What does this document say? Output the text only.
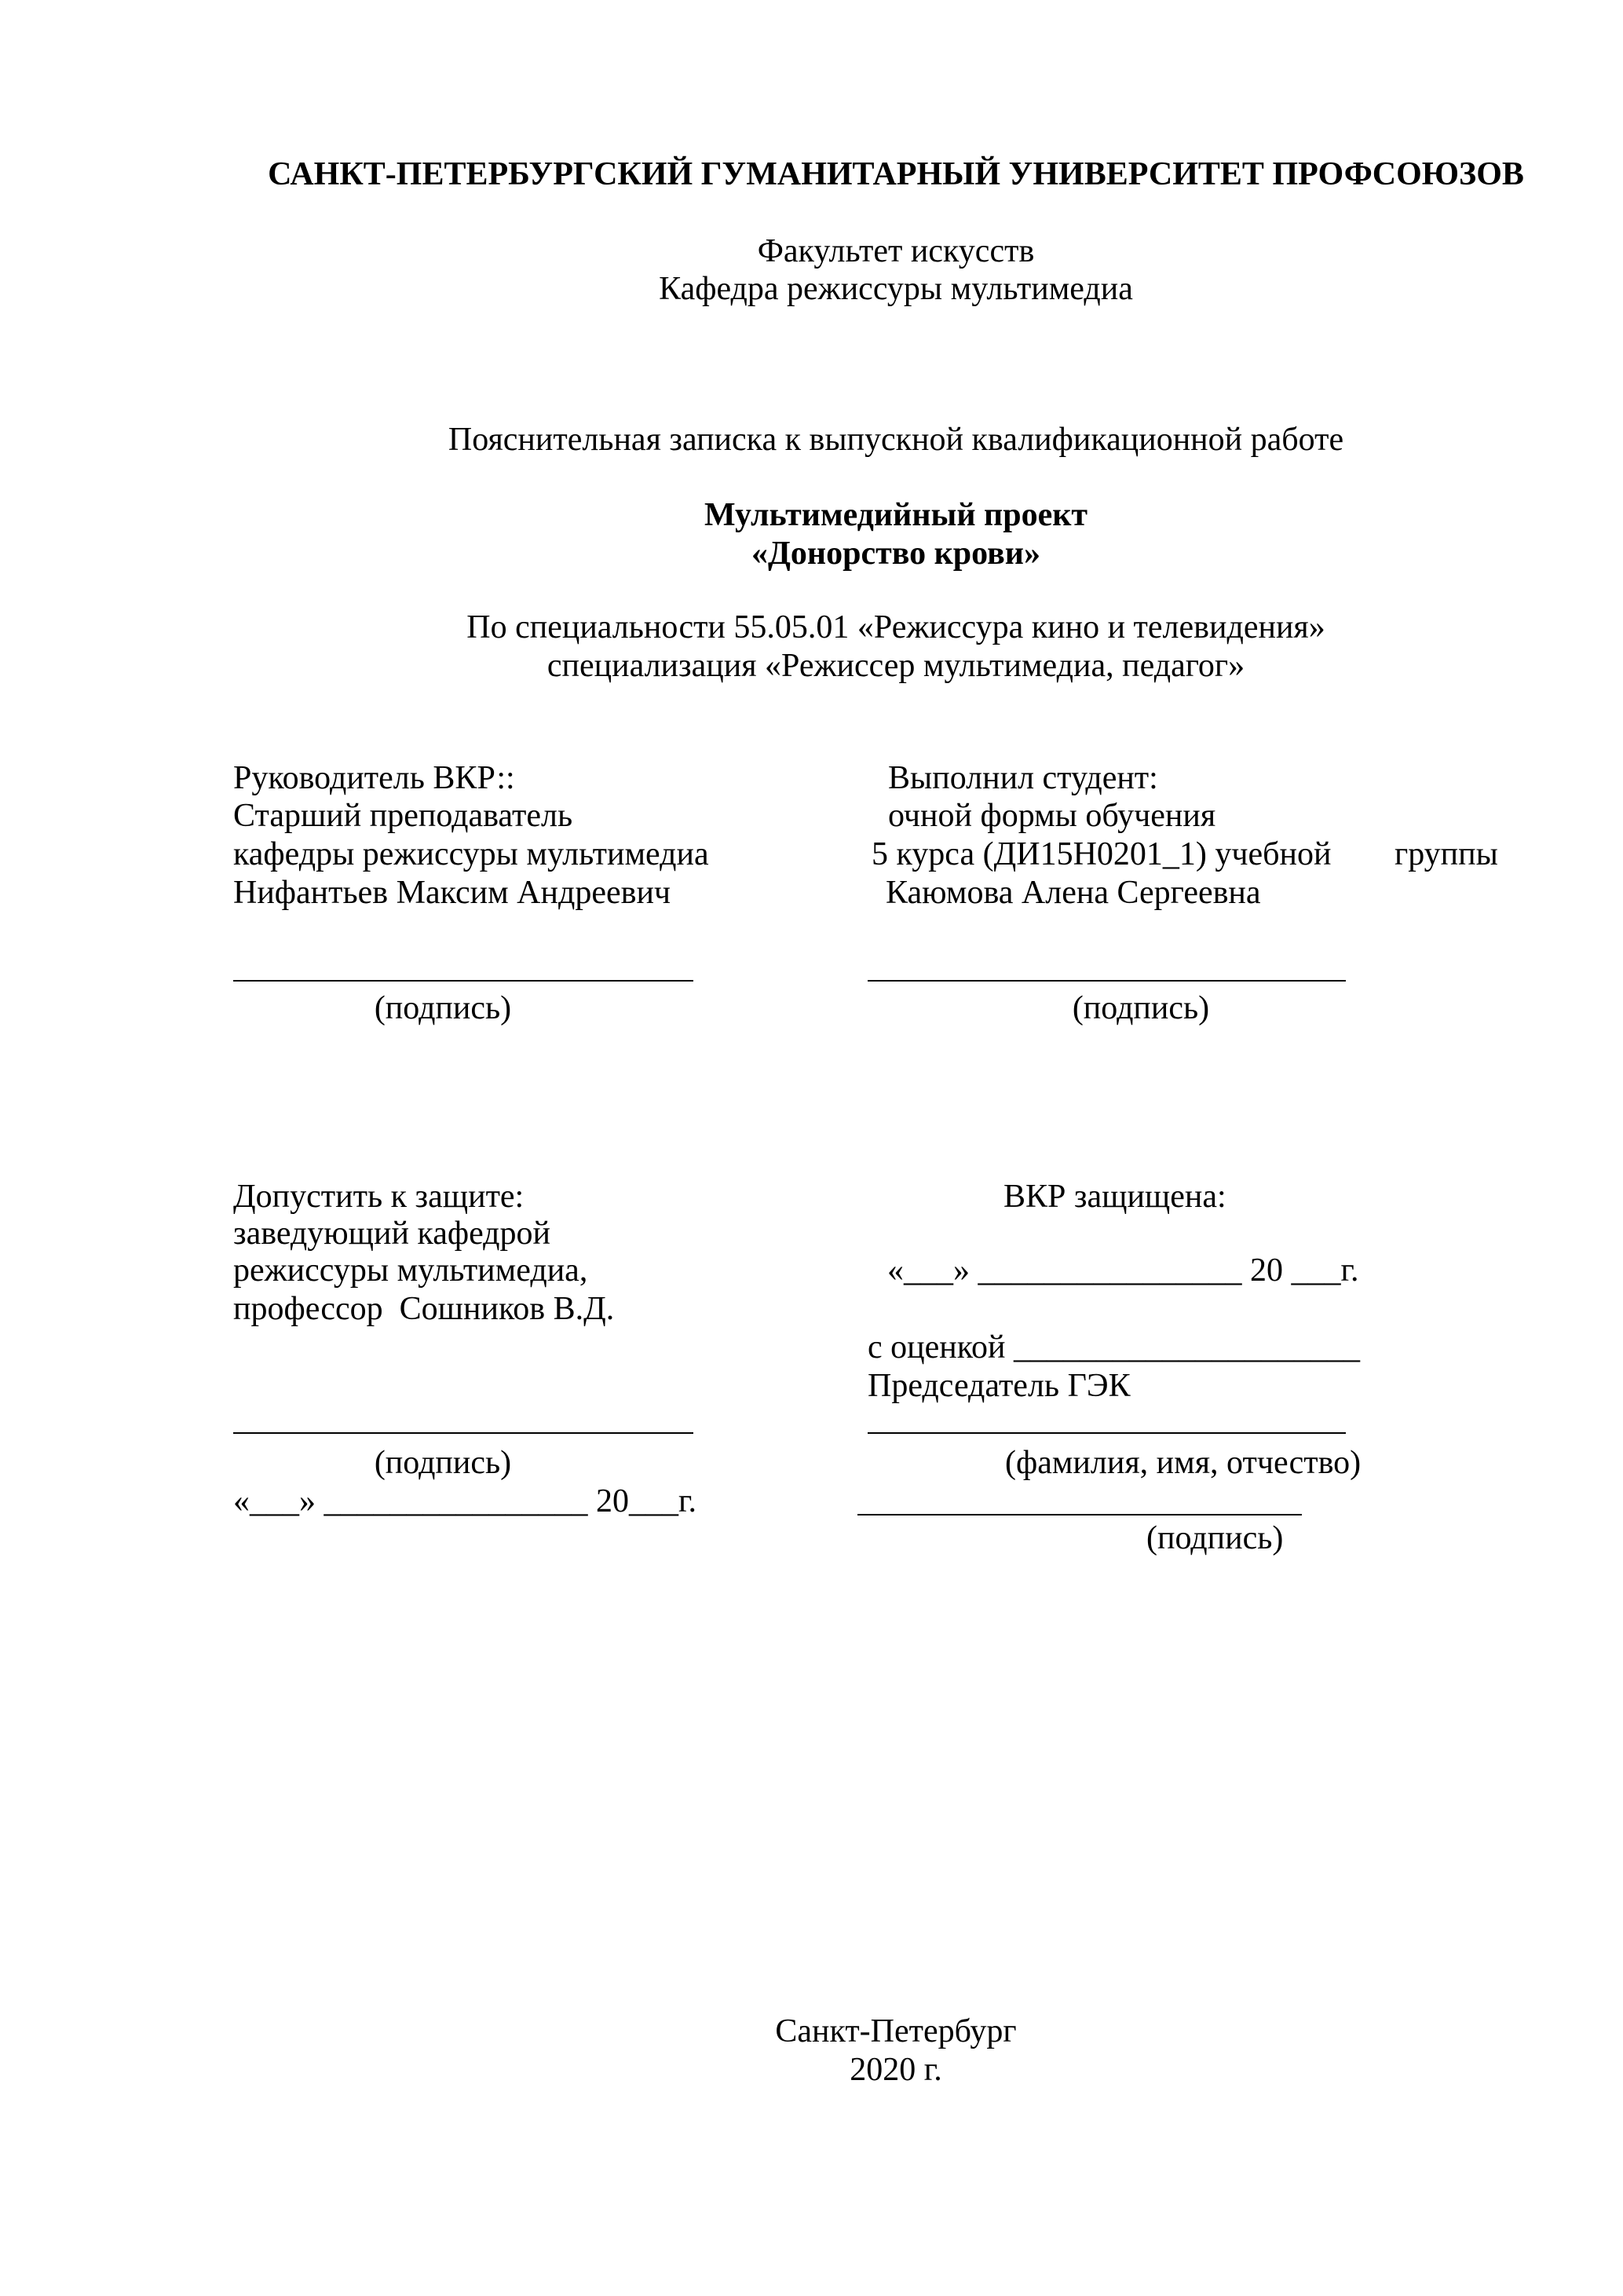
САНКТ-ПЕТЕРБУРГСКИЙ ГУМАНИТАРНЫЙ УНИВЕРСИТЕТ ПРОФСОЮЗОВ
Факультет искусств
Кафедра режиссуры мультимедиа
Пояснительная записка к выпускной квалификационной работе
Мультимедийный проект
«Донорство крови»
По специальности 55.05.01 «Режиссура кино и телевидения»
специализация «Режиссер мультимедиа, педагог»
Руководитель ВКР::
Старший преподаватель
кафедры режиссуры мультимедиа
Нифантьев Максим Андреевич
(подпись)
Выполнил студент:
очной формы обучения
5 курса (ДИ15Н0201_1) учебной группы
Каюмова Алена Сергеевна
(подпись)
Допустить к защите:
заведующий кафедрой
режиссуры мультимедиа,
профессор  Сошников В.Д.
(подпись)
«___» ________________ 20___г.
ВКР защищена:
«___» ________________ 20 ___г.
с оценкой _____________________
Председатель ГЭК
(фамилия, имя, отчество)
(подпись)
Санкт-Петербург
2020 г.
